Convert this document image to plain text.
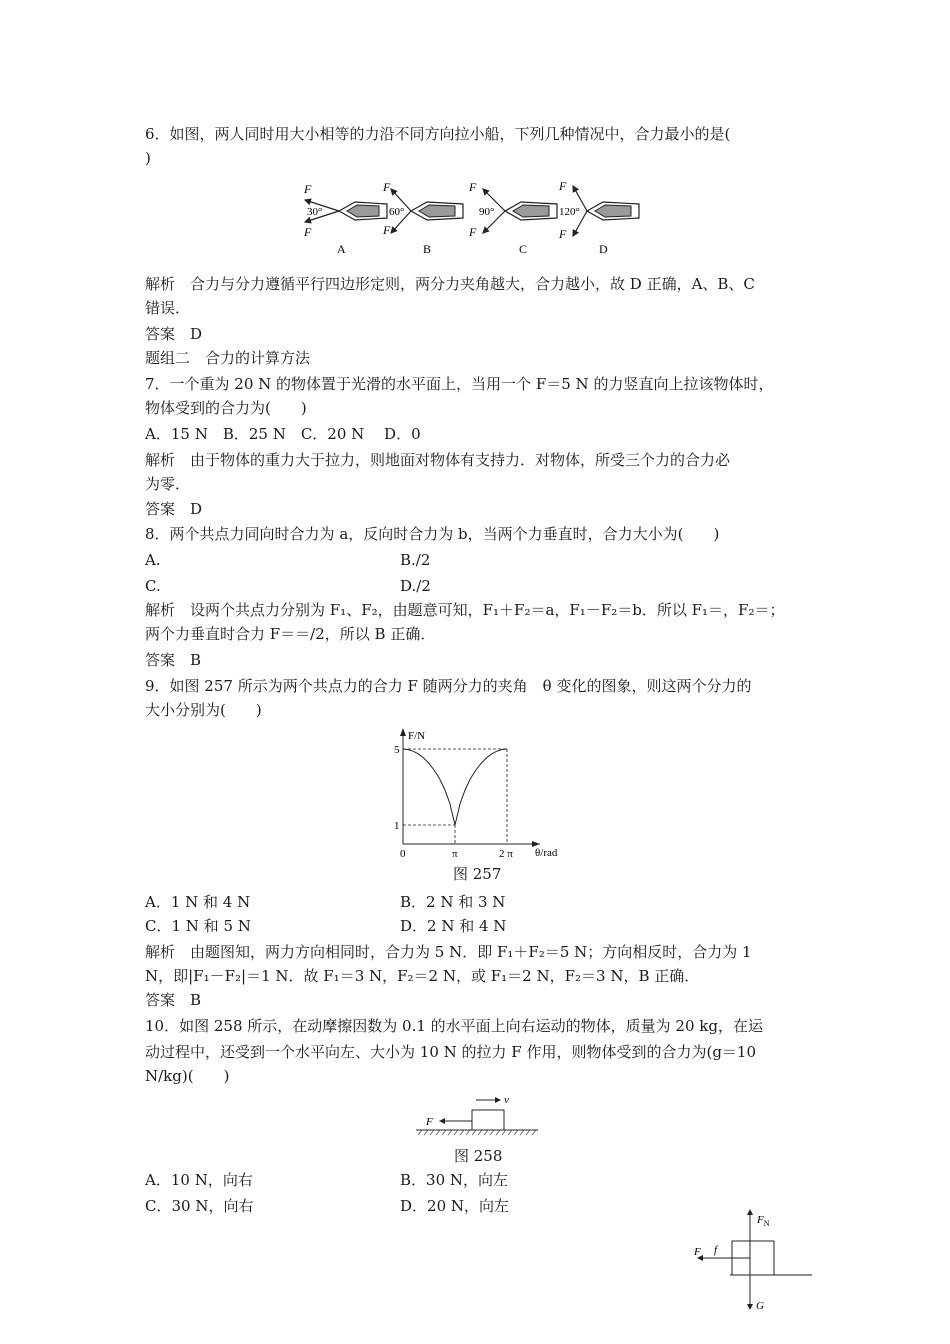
6．如图，两人同时用大小相等的力沿不同方向拉小船，下列几种情况中，合力最小的是(
)
F
F
30°
A
F
F
60°
B
F
F
90°
C
F
F
120°
D
解析　合力与分力遵循平行四边形定则，两分力夹角越大，合力越小，故 D 正确，A、B、C
错误．
答案　D
题组二　合力的计算方法
7．一个重为 20 N 的物体置于光滑的水平面上，当用一个 F＝5 N 的力竖直向上拉该物体时，
物体受到的合力为(　　)
A．15 N　B．25 N　C．20 N　 D．0
解析　由于物体的重力大于拉力，则地面对物体有支持力．对物体，所受三个力的合力必
为零．
答案　D
8．两个共点力同向时合力为 a，反向时合力为 b，当两个力垂直时，合力大小为(　　)
A.	B./2
C.	D./2
解析　设两个共点力分别为 F₁、F₂，由题意可知，F₁＋F₂＝a，F₁－F₂＝b．所以 F₁＝，F₂＝；
两个力垂直时合力 F＝＝/2，所以 B 正确．
答案　B
9．如图 257 所示为两个共点力的合力 F 随两分力的夹角　θ 变化的图象，则这两个分力的
大小分别为(　　)
F/N
θ/rad
0	π	2 π
1
5
图 257
A．1 N 和 4 N	B．2 N 和 3 N
C．1 N 和 5 N	D．2 N 和 4 N
解析　由题图知，两力方向相同时，合力为 5 N．即 F₁＋F₂＝5 N；方向相反时，合力为 1
N，即|F₁－F₂|＝1 N．故 F₁＝3 N，F₂＝2 N，或 F₁＝2 N，F₂＝3 N，B 正确．
答案　B
10．如图 258 所示，在动摩擦因数为 0.1 的水平面上向右运动的物体，质量为 20 kg，在运
动过程中，还受到一个水平向左、大小为 10 N 的拉力 F 作用，则物体受到的合力为(g＝10
N/kg)(　　)
F
v
图 258
A．10 N，向右	B．30 N，向左
C．30 N，向右	D．20 N，向左
$F_N$
G
F f
